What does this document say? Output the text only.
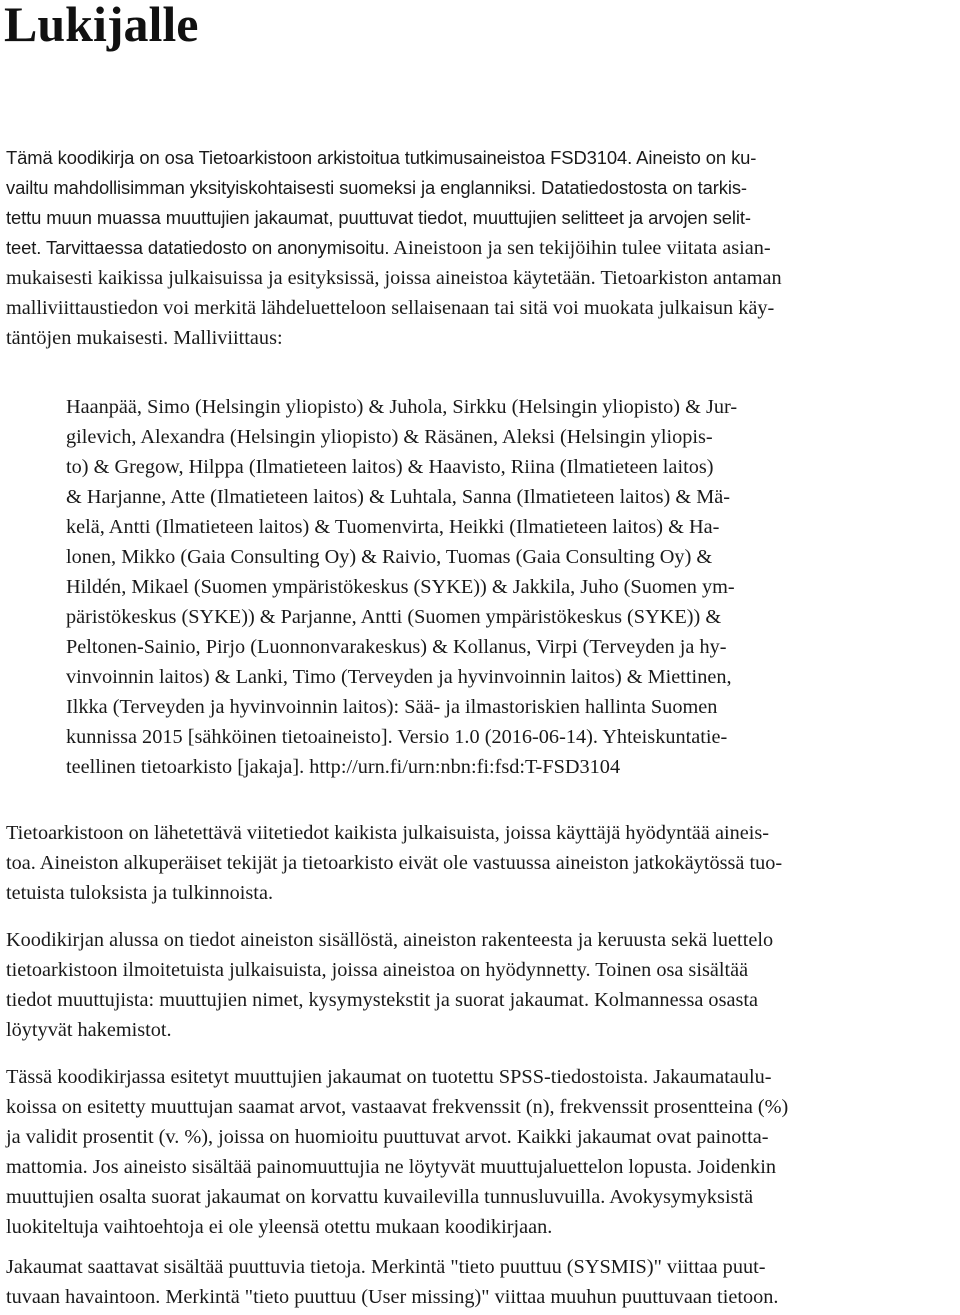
Lukijalle
Tämä koodikirja on osa Tietoarkistoon arkistoitua tutkimusaineistoa FSD3104. Aineisto on ku-
vailtu mahdollisimman yksityiskohtaisesti suomeksi ja englanniksi. Datatiedostosta on tarkis-
tettu muun muassa muuttujien jakaumat, puuttuvat tiedot, muuttujien selitteet ja arvojen selit-
teet. Tarvittaessa datatiedosto on anonymisoitu. Aineistoon ja sen tekijöihin tulee viitata asian-
mukaisesti kaikissa julkaisuissa ja esityksissä, joissa aineistoa käytetään. Tietoarkiston antaman
malliviittaustiedon voi merkitä lähdeluetteloon sellaisenaan tai sitä voi muokata julkaisun käy-
täntöjen mukaisesti. Malliviittaus:
Haanpää, Simo (Helsingin yliopisto) & Juhola, Sirkku (Helsingin yliopisto) & Jur-
gilevich, Alexandra (Helsingin yliopisto) & Räsänen, Aleksi (Helsingin yliopis-
to) & Gregow, Hilppa (Ilmatieteen laitos) & Haavisto, Riina (Ilmatieteen laitos)
& Harjanne, Atte (Ilmatieteen laitos) & Luhtala, Sanna (Ilmatieteen laitos) & Mä-
kelä, Antti (Ilmatieteen laitos) & Tuomenvirta, Heikki (Ilmatieteen laitos) & Ha-
lonen, Mikko (Gaia Consulting Oy) & Raivio, Tuomas (Gaia Consulting Oy) &
Hildén, Mikael (Suomen ympäristökeskus (SYKE)) & Jakkila, Juho (Suomen ym-
päristökeskus (SYKE)) & Parjanne, Antti (Suomen ympäristökeskus (SYKE)) &
Peltonen-Sainio, Pirjo (Luonnonvarakeskus) & Kollanus, Virpi (Terveyden ja hy-
vinvoinnin laitos) & Lanki, Timo (Terveyden ja hyvinvoinnin laitos) & Miettinen,
Ilkka (Terveyden ja hyvinvoinnin laitos): Sää- ja ilmastoriskien hallinta Suomen
kunnissa 2015 [sähköinen tietoaineisto]. Versio 1.0 (2016-06-14). Yhteiskuntatie-
teellinen tietoarkisto [jakaja]. http://urn.fi/urn:nbn:fi:fsd:T-FSD3104
Tietoarkistoon on lähetettävä viitetiedot kaikista julkaisuista, joissa käyttäjä hyödyntää aineis-
toa. Aineiston alkuperäiset tekijät ja tietoarkisto eivät ole vastuussa aineiston jatkokäytössä tuo-
tetuista tuloksista ja tulkinnoista.
Koodikirjan alussa on tiedot aineiston sisällöstä, aineiston rakenteesta ja keruusta sekä luettelo
tietoarkistoon ilmoitetuista julkaisuista, joissa aineistoa on hyödynnetty. Toinen osa sisältää
tiedot muuttujista: muuttujien nimet, kysymystekstit ja suorat jakaumat. Kolmannessa osasta
löytyvät hakemistot.
Tässä koodikirjassa esitetyt muuttujien jakaumat on tuotettu SPSS-tiedostoista. Jakaumataulu-
koissa on esitetty muuttujan saamat arvot, vastaavat frekvenssit (n), frekvenssit prosentteina (%)
ja validit prosentit (v. %), joissa on huomioitu puuttuvat arvot. Kaikki jakaumat ovat painotta-
mattomia. Jos aineisto sisältää painomuuttujia ne löytyvät muuttujaluettelon lopusta. Joidenkin
muuttujien osalta suorat jakaumat on korvattu kuvailevilla tunnusluvuilla. Avokysymyksistä
luokiteltuja vaihtoehtoja ei ole yleensä otettu mukaan koodikirjaan.
Jakaumat saattavat sisältää puuttuvia tietoja. Merkintä "tieto puuttuu (SYSMIS)" viittaa puut-
tuvaan havaintoon. Merkintä "tieto puuttuu (User missing)" viittaa muuhun puuttuvaan tietoon.
